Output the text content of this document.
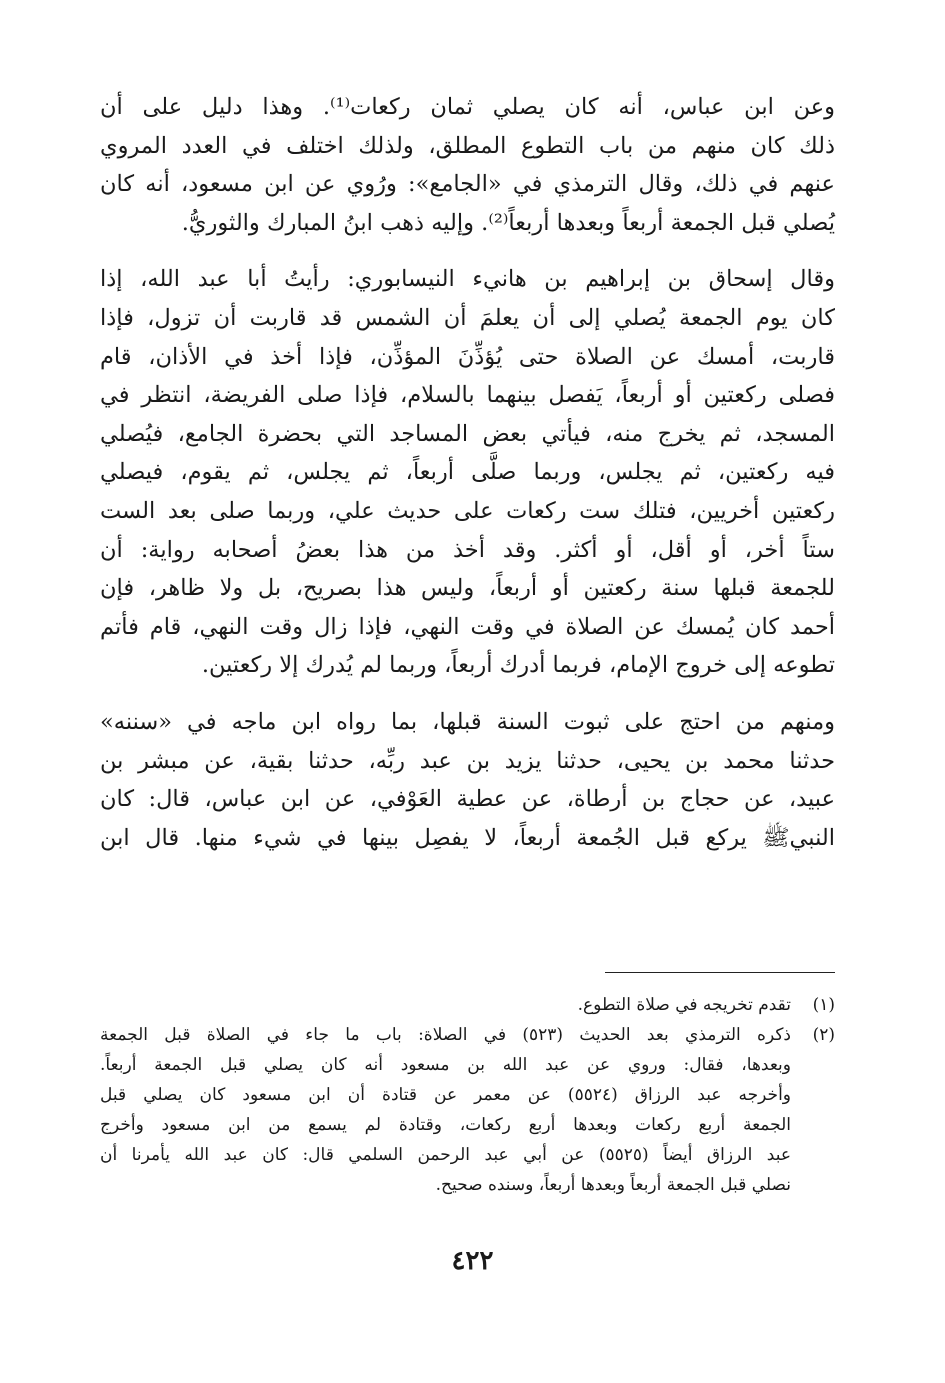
وعن ابن عباس، أنه كان يصلي ثمان ركعات⁽¹⁾. وهذا دليل على أن
ذلك كان منهم من باب التطوع المطلق، ولذلك اختلف في العدد المروي
عنهم في ذلك، وقال الترمذي في «الجامع»: ورُوي عن ابن مسعود، أنه كان
يُصلي قبل الجمعة أربعاً وبعدها أربعاً⁽²⁾. وإليه ذهب ابنُ المبارك والثوريُّ.

وقال إسحاق بن إبراهيم بن هانيء النيسابوري: رأيتُ أبا عبد الله، إذا
كان يوم الجمعة يُصلي إلى أن يعلمَ أن الشمس قد قاربت أن تزول، فإذا
قاربت، أمسك عن الصلاة حتى يُؤذِّنَ المؤذِّن، فإذا أخذ في الأذان، قام
فصلى ركعتين أو أربعاً، يَفصل بينهما بالسلام، فإذا صلى الفريضة، انتظر في
المسجد، ثم يخرج منه، فيأتي بعض المساجد التي بحضرة الجامع، فيُصلي
فيه ركعتين، ثم يجلس، وربما صلَّى أربعاً، ثم يجلس، ثم يقوم، فيصلي
ركعتين أخريين، فتلك ست ركعات على حديث علي، وربما صلى بعد الست
ستاً أخر، أو أقل، أو أكثر. وقد أخذ من هذا بعضُ أصحابه رواية: أن
للجمعة قبلها سنة ركعتين أو أربعاً، وليس هذا بصريح، بل ولا ظاهر، فإن
أحمد كان يُمسك عن الصلاة في وقت النهي، فإذا زال وقت النهي، قام فأتم
تطوعه إلى خروج الإمام، فربما أدرك أربعاً، وربما لم يُدرك إلا ركعتين.

ومنهم من احتج على ثبوت السنة قبلها، بما رواه ابن ماجه في «سننه»
حدثنا محمد بن يحيى، حدثنا يزيد بن عبد ربِّه، حدثنا بقية، عن مبشر بن
عبيد، عن حجاج بن أرطاة، عن عطية العَوْفي، عن ابن عباس، قال: كان
النبيﷺ يركع قبل الجُمعة أربعاً، لا يفصِل بينها في شيء منها. قال ابن

(١)
تقدم تخريجه في صلاة التطوع.
(٢)
ذكره الترمذي بعد الحديث (٥٢٣) في الصلاة: باب ما جاء في الصلاة قبل الجمعة
وبعدها، فقال: وروي عن عبد الله بن مسعود أنه كان يصلي قبل الجمعة أربعاً.
وأخرجه عبد الرزاق (٥٥٢٤) عن معمر عن قتادة أن ابن مسعود كان يصلي قبل
الجمعة أربع ركعات وبعدها أربع ركعات، وقتادة لم يسمع من ابن مسعود وأخرج
عبد الرزاق أيضاً (٥٥٢٥) عن أبي عبد الرحمن السلمي قال: كان عبد الله يأمرنا أن
نصلي قبل الجمعة أربعاً وبعدها أربعاً، وسنده صحيح.
٤٢٢
